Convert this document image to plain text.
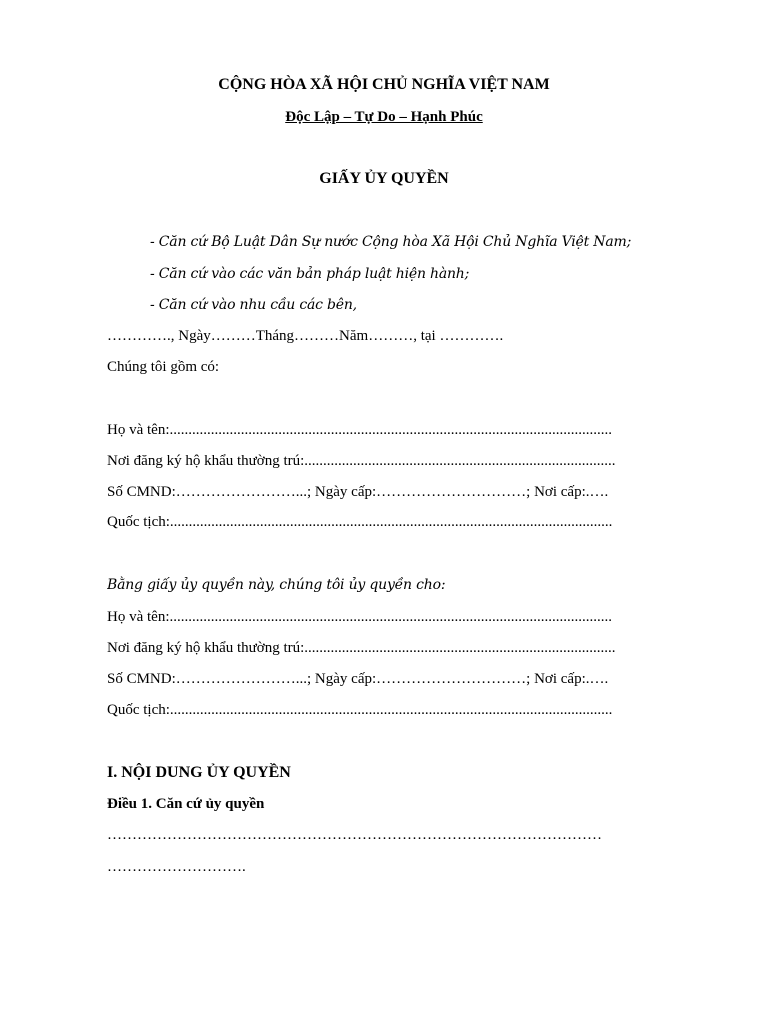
CỘNG HÒA XÃ HỘI CHỦ NGHĨA VIỆT NAM
Độc Lập – Tự Do – Hạnh Phúc
GIẤY ỦY QUYỀN
- Căn cứ Bộ Luật Dân Sự nước Cộng hòa Xã Hội Chủ Nghĩa Việt Nam;
- Căn cứ vào các văn bản pháp luật hiện hành;
- Căn cứ vào nhu cầu các bên,
…………., Ngày………Tháng………Năm………, tại ………….
Chúng tôi gồm có:
Họ và tên:......................................................................................................................
Nơi đăng ký hộ khẩu thường trú:...................................................................................
Số CMND:……………………...; Ngày cấp:…………………………; Nơi cấp:.….
Quốc tịch:......................................................................................................................
Bằng giấy ủy quyền này, chúng tôi ủy quyền cho:
Họ và tên:......................................................................................................................
Nơi đăng ký hộ khẩu thường trú:...................................................................................
Số CMND:……………………...; Ngày cấp:…………………………; Nơi cấp:.….
Quốc tịch:......................................................................................................................
I. NỘI DUNG ỦY QUYỀN
Điều 1. Căn cứ ủy quyền
………………………………………………………………………………………
……………………….
